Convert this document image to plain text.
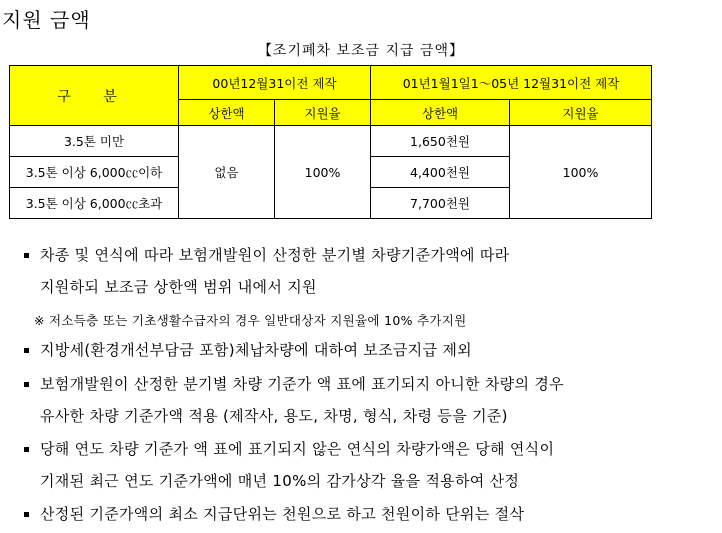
지원 금액
【조기폐차 보조금 지급 금액】
구 분	00년12월31이전 제작		01년1월1일1～05년 12월31이전 제작	
	상한액	지원율	상한액	지원율
3.5톤 미만	없음	100%	1,650천원	100%
3.5톤 이상 6,000㏄이하			4,400천원	
3.5톤 이상 6,000㏄초과			7,700천원	
차종 및 연식에 따라 보험개발원이 산정한 분기별 차량기준가액에 따라
지원하되 보조금 상한액 범위 내에서 지원
※ 저소득층 또는 기초생활수급자의 경우 일반대상자 지원율에 10% 추가지원
지방세(환경개선부담금 포함)체납차량에 대하여 보조금지급 제외
보험개발원이 산정한 분기별 차량 기준가 액 표에 표기되지 아니한 차량의 경우
유사한 차량 기준가액 적용 (제작사, 용도, 차명, 형식, 차령 등을 기준)
당해 연도 차량 기준가 액 표에 표기되지 않은 연식의 차량가액은 당해 연식이
기재된 최근 연도 기준가액에 매년 10%의 감가상각 율을 적용하여 산정
산정된 기준가액의 최소 지급단위는 천원으로 하고 천원이하 단위는 절삭
